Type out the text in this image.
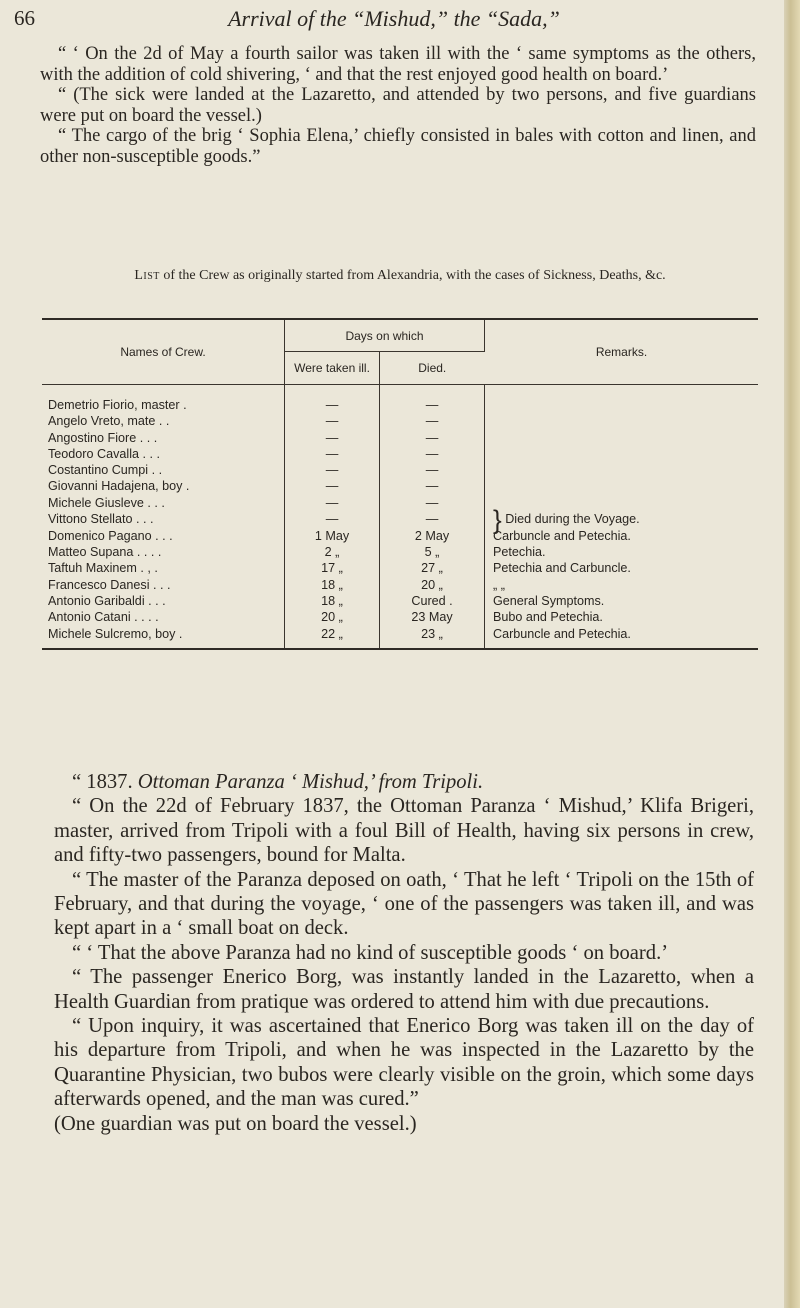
66	Arrival of the “Mishud,” the “Sada,”

“ ‘ On the 2d of May a fourth sailor was taken ill with the ‘ same symptoms as the others, with the addition of cold shivering, ‘ and that the rest enjoyed good health on board.’

“ (The sick were landed at the Lazaretto, and attended by two persons, and five guardians were put on board the vessel.)

“ The cargo of the brig ‘ Sophia Elena,’ chiefly consisted in bales with cotton and linen, and other non-susceptible goods.”

List of the Crew as originally started from Alexandria, with the cases of Sickness, Deaths, &c.

Names of Crew.	Days on which		Remarks.
	Were taken ill.	Died.	

Demetrio Fiorio, master .	—	—	
Angelo Vreto, mate . .	—	—	
Angostino Fiore . . .	—	—	
Teodoro Cavalla . . .	—	—	
Costantino Cumpi . .	—	—	
Giovanni Hadajena, boy .	—	—	
Michele Giusleve . . .	—	—	
Vittono Stellato . . .	—	—	} Died during the Voyage.
Domenico Pagano . . .	1 May	2 May	Carbuncle and Petechia.
Matteo Supana . . . .	2 „	5 „	Petechia.
Taftuh Maxinem . , .	17 „	27 „	Petechia and Carbuncle.
Francesco Danesi . . .	18 „	20 „	„ „
Antonio Garibaldi . . .	18 „	Cured .	General Symptoms.
Antonio Catani . . . .	20 „	23 May	Bubo and Petechia.
Michele Sulcremo, boy .	22 „	23 „	Carbuncle and Petechia.

“ 1837. Ottoman Paranza ‘ Mishud,’ from Tripoli.

“ On the 22d of February 1837, the Ottoman Paranza ‘ Mishud,’ Klifa Brigeri, master, arrived from Tripoli with a foul Bill of Health, having six persons in crew, and fifty-two passengers, bound for Malta.

“ The master of the Paranza deposed on oath, ‘ That he left ‘ Tripoli on the 15th of February, and that during the voyage, ‘ one of the passengers was taken ill, and was kept apart in a ‘ small boat on deck.

“ ‘ That the above Paranza had no kind of susceptible goods ‘ on board.’

“ The passenger Enerico Borg, was instantly landed in the Lazaretto, when a Health Guardian from pratique was ordered to attend him with due precautions.

“ Upon inquiry, it was ascertained that Enerico Borg was taken ill on the day of his departure from Tripoli, and when he was inspected in the Lazaretto by the Quarantine Physician, two bubos were clearly visible on the groin, which some days afterwards opened, and the man was cured.”

(One guardian was put on board the vessel.)
